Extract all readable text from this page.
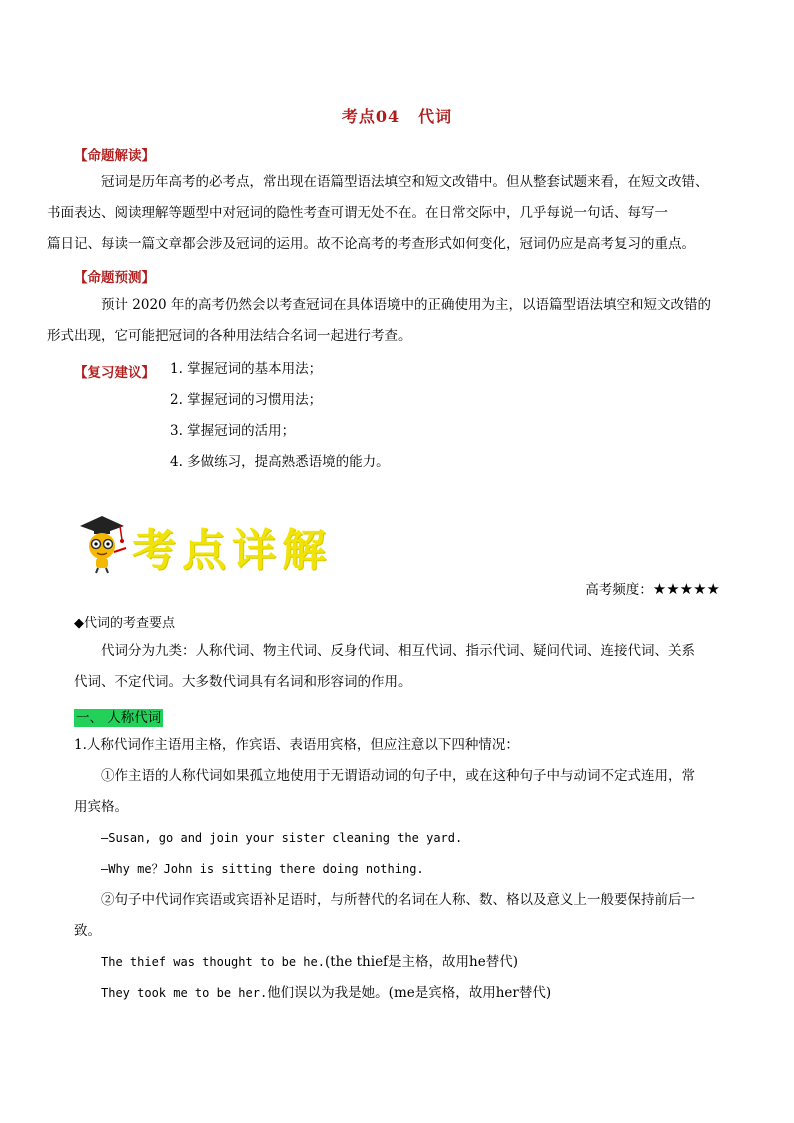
考点04 代词
【命题解读】
冠词是历年高考的必考点，常出现在语篇型语法填空和短文改错中。但从整套试题来看，在短文改错、
书面表达、阅读理解等题型中对冠词的隐性考查可谓无处不在。在日常交际中，几乎每说一句话、每写一
篇日记、每读一篇文章都会涉及冠词的运用。故不论高考的考查形式如何变化，冠词仍应是高考复习的重点。
【命题预测】
预计 2020 年的高考仍然会以考查冠词在具体语境中的正确使用为主，以语篇型语法填空和短文改错的
形式出现，它可能把冠词的各种用法结合名词一起进行考查。
【复习建议】 1. 掌握冠词的基本用法；
2. 掌握冠词的习惯用法；
3. 掌握冠词的活用；
4. 多做练习，提高熟悉语境的能力。
考点详解
高考频度：★★★★★
◆代词的考查要点
代词分为九类：人称代词、物主代词、反身代词、相互代词、指示代词、疑问代词、连接代词、关系
代词、不定代词。大多数代词具有名词和形容词的作用。
一、 人称代词
1.人称代词作主语用主格，作宾语、表语用宾格，但应注意以下四种情况：
①作主语的人称代词如果孤立地使用于无谓语动词的句子中，或在这种句子中与动词不定式连用，常
用宾格。
—Susan, go and join your sister cleaning the yard.
—Why me？John is sitting there doing nothing.
②句子中代词作宾语或宾语补足语时，与所替代的名词在人称、数、格以及意义上一般要保持前后一
致。
The thief was thought to be he.(the thief是主格，故用he替代)
They took me to be her.他们误以为我是她。(me是宾格，故用her替代)
